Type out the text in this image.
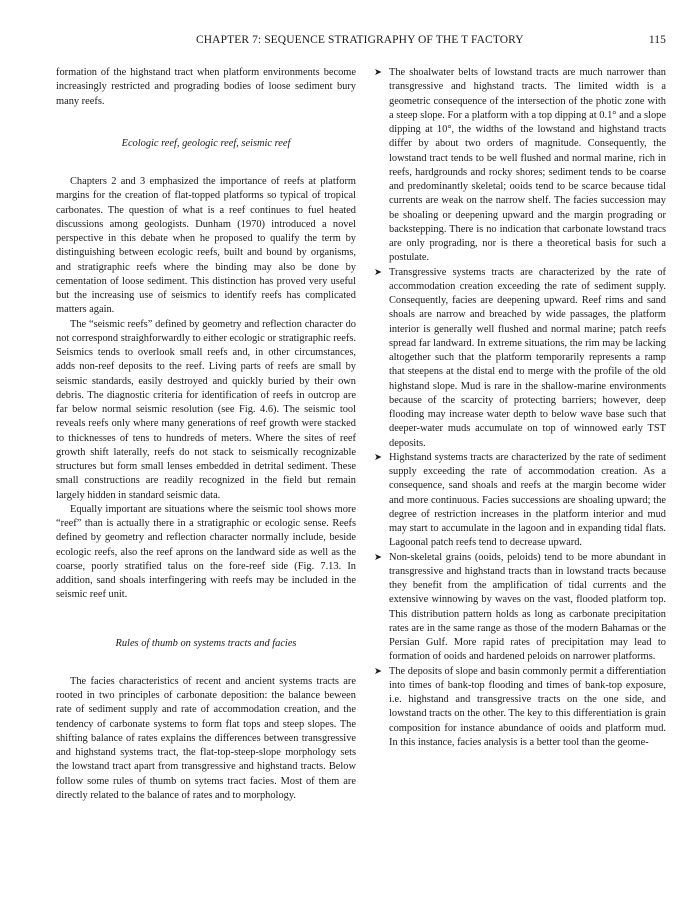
CHAPTER 7: SEQUENCE STRATIGRAPHY OF THE T FACTORY	115

formation of the highstand tract when platform environments become increasingly restricted and prograding bodies of loose sediment bury many reefs.

Ecologic reef, geologic reef, seismic reef

Chapters 2 and 3 emphasized the importance of reefs at platform margins for the creation of flat-topped platforms so typical of tropical carbonates. The question of what is a reef continues to fuel heated discussions among geologists. Dunham (1970) introduced a novel perspective in this debate when he proposed to qualify the term by distinguishing between ecologic reefs, built and bound by organisms, and stratigraphic reefs where the binding may also be done by cementation of loose sediment. This distinction has proved very useful but the increasing use of seismics to identify reefs has complicated matters again.

The “seismic reefs” defined by geometry and reflection character do not correspond straighforwardly to either ecologic or stratigraphic reefs. Seismics tends to overlook small reefs and, in other circumstances, adds non-reef deposits to the reef. Living parts of reefs are small by seismic standards, easily destroyed and quickly buried by their own debris. The diagnostic criteria for identification of reefs in outcrop are far below normal seismic resolution (see Fig. 4.6). The seismic tool reveals reefs only where many generations of reef growth were stacked to thicknesses of tens to hundreds of meters. Where the sites of reef growth shift laterally, reefs do not stack to seismically recognizable structures but form small lenses embedded in detrital sediment. These small constructions are readily recognized in the field but remain largely hidden in standard seismic data.

Equally important are situations where the seismic tool shows more “reef” than is actually there in a stratigraphic or ecologic sense. Reefs defined by geometry and reflection character normally include, beside ecologic reefs, also the reef aprons on the landward side as well as the coarse, poorly stratified talus on the fore-reef side (Fig. 7.13. In addition, sand shoals interfingering with reefs may be included in the seismic reef unit.

Rules of thumb on systems tracts and facies

The facies characteristics of recent and ancient systems tracts are rooted in two principles of carbonate deposition: the balance beween rate of sediment supply and rate of accommodation creation, and the tendency of carbonate systems to form flat tops and steep slopes. The shifting balance of rates explains the differences between transgressive and highstand systems tract, the flat-top-steep-slope morphology sets the lowstand tract apart from transgressive and highstand tracts. Below follow some rules of thumb on sytems tract facies. Most of them are directly related to the balance of rates and to morphology.

➤ The shoalwater belts of lowstand tracts are much narrower than transgressive and highstand tracts. The limited width is a geometric consequence of the intersection of the photic zone with a steep slope. For a platform with a top dipping at 0.1° and a slope dipping at 10°, the widths of the lowstand and highstand tracts differ by about two orders of magnitude. Consequently, the lowstand tract tends to be well flushed and normal marine, rich in reefs, hardgrounds and rocky shores; sediment tends to be coarse and predominantly skeletal; ooids tend to be scarce because tidal currents are weak on the narrow shelf. The facies succession may be shoaling or deepening upward and the margin prograding or backstepping. There is no indication that carbonate lowstand tracs are only prograding, nor is there a theoretical basis for such a postulate.

➤ Transgressive systems tracts are characterized by the rate of accommodation creation exceeding the rate of sediment supply. Consequently, facies are deepening upward. Reef rims and sand shoals are narrow and breached by wide passages, the platform interior is generally well flushed and normal marine; patch reefs spread far landward. In extreme situations, the rim may be lacking altogether such that the platform temporarily represents a ramp that steepens at the distal end to merge with the profile of the old highstand slope. Mud is rare in the shallow-marine environments because of the scarcity of protecting barriers; however, deep flooding may increase water depth to below wave base such that deeper-water muds accumulate on top of winnowed early TST deposits.

➤ Highstand systems tracts are characterized by the rate of sediment supply exceeding the rate of accommodation creation. As a consequence, sand shoals and reefs at the margin become wider and more continuous. Facies successions are shoaling upward; the degree of restriction increases in the platform interior and mud may start to accumulate in the lagoon and in expanding tidal flats. Lagoonal patch reefs tend to decrease upward.

➤ Non-skeletal grains (ooids, peloids) tend to be more abundant in transgressive and highstand tracts than in lowstand tracts because they benefit from the amplification of tidal currents and the extensive winnowing by waves on the vast, flooded platform top. This distribution pattern holds as long as carbonate precipitation rates are in the same range as those of the modern Bahamas or the Persian Gulf. More rapid rates of precipitation may lead to formation of ooids and hardened peloids on narrower platforms.

➤ The deposits of slope and basin commonly permit a differentiation into times of bank-top flooding and times of bank-top exposure, i.e. highstand and transgressive tracts on the one side, and lowstand tracts on the other. The key to this differentiation is grain composition for instance abundance of ooids and platform mud. In this instance, facies analysis is a better tool than the geome-
